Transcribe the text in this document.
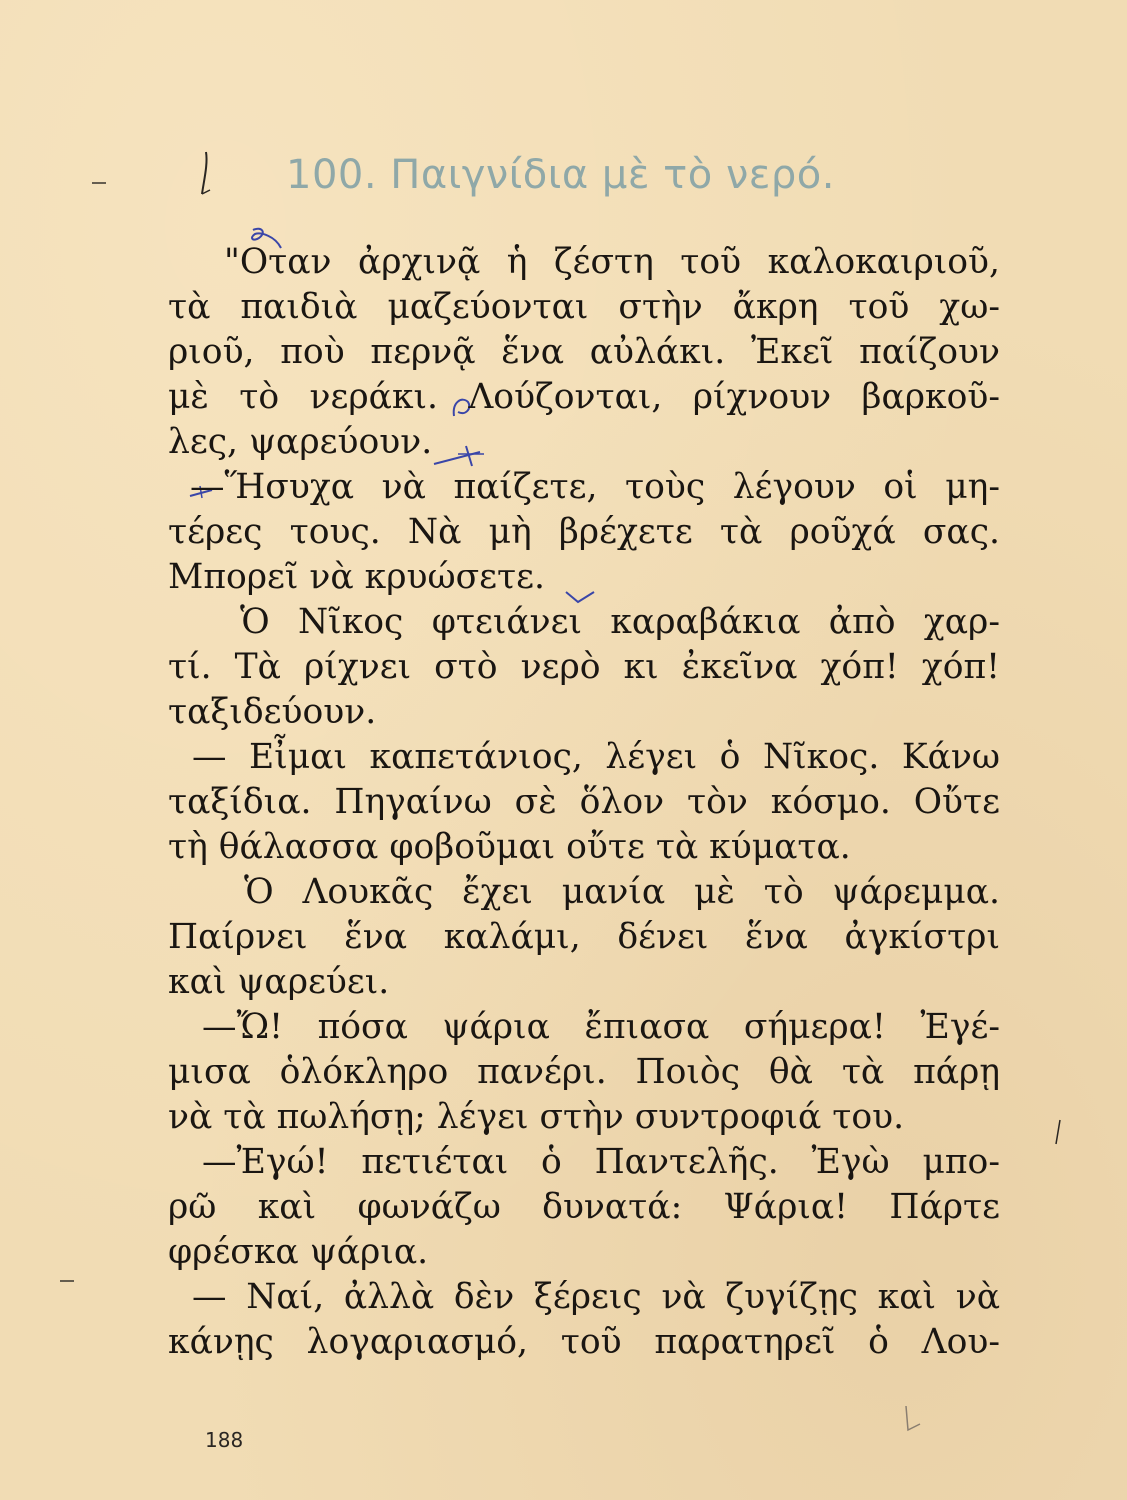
100. Παιγνίδια μὲ τὸ νερό.
"Οταν ἀρχινᾷ ἡ ζέστη τοῦ καλοκαιριοῦ,
τὰ παιδιὰ μαζεύονται στὴν ἄκρη τοῦ χω-
ριοῦ, ποὺ περνᾷ ἕνα αὐλάκι. Ἐκεῖ παίζουν
μὲ τὸ νεράκι. Λούζονται, ρίχνουν βαρκοῦ-
λες, ψαρεύουν.
—Ἥσυχα νὰ παίζετε, τοὺς λέγουν οἱ μη-
τέρες τους. Νὰ μὴ βρέχετε τὰ ροῦχά σας.
Μπορεῖ νὰ κρυώσετε.
Ὁ Νῖκος φτειάνει καραβάκια ἀπὸ χαρ-
τί. Τὰ ρίχνει στὸ νερὸ κι ἐκεῖνα χόπ! χόπ!
ταξιδεύουν.
— Εἶμαι καπετάνιος, λέγει ὁ Νῖκος. Κάνω
ταξίδια. Πηγαίνω σὲ ὅλον τὸν κόσμο. Οὔτε
τὴ θάλασσα φοβοῦμαι οὔτε τὰ κύματα.
Ὁ Λουκᾶς ἔχει μανία μὲ τὸ ψάρεμμα.
Παίρνει ἕνα καλάμι, δένει ἕνα ἀγκίστρι
καὶ ψαρεύει.
—Ὤ! πόσα ψάρια ἔπιασα σήμερα! Ἐγέ-
μισα ὁλόκληρο πανέρι. Ποιὸς θὰ τὰ πάρῃ
νὰ τὰ πωλήσῃ; λέγει στὴν συντροφιά του.
—Ἐγώ! πετιέται ὁ Παντελῆς. Ἐγὼ μπο-
ρῶ καὶ φωνάζω δυνατά: Ψάρια! Πάρτε
φρέσκα ψάρια.
— Ναί, ἀλλὰ δὲν ξέρεις νὰ ζυγίζῃς καὶ νὰ
κάνῃς λογαριασμό, τοῦ παρατηρεῖ ὁ Λου-
188
